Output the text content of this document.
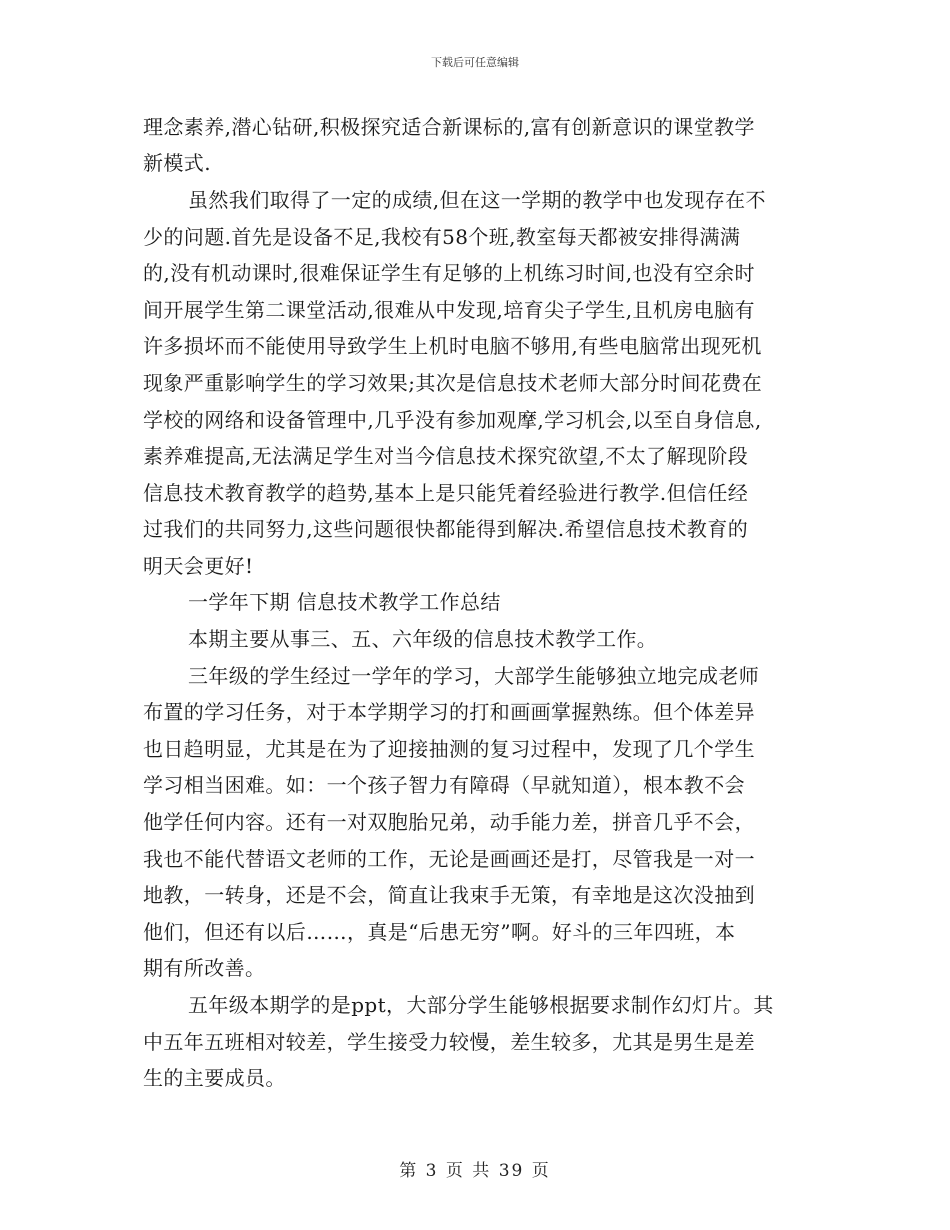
下载后可任意编辑
理念素养,潜心钻研,积极探究适合新课标的,富有创新意识的课堂教学
新模式.
虽然我们取得了一定的成绩,但在这一学期的教学中也发现存在不
少的问题.首先是设备不足,我校有58个班,教室每天都被安排得满满
的,没有机动课时,很难保证学生有足够的上机练习时间,也没有空余时
间开展学生第二课堂活动,很难从中发现,培育尖子学生,且机房电脑有
许多损坏而不能使用导致学生上机时电脑不够用,有些电脑常出现死机
现象严重影响学生的学习效果;其次是信息技术老师大部分时间花费在
学校的网络和设备管理中,几乎没有参加观摩,学习机会,以至自身信息,
素养难提高,无法满足学生对当今信息技术探究欲望,不太了解现阶段
信息技术教育教学的趋势,基本上是只能凭着经验进行教学.但信任经
过我们的共同努力,这些问题很快都能得到解决.希望信息技术教育的
明天会更好!
一学年下期 信息技术教学工作总结
本期主要从事三、五、六年级的信息技术教学工作。
三年级的学生经过一学年的学习，大部学生能够独立地完成老师
布置的学习任务，对于本学期学习的打和画画掌握熟练。但个体差异
也日趋明显，尤其是在为了迎接抽测的复习过程中，发现了几个学生
学习相当困难。如：一个孩子智力有障碍（早就知道），根本教不会
他学任何内容。还有一对双胞胎兄弟，动手能力差，拼音几乎不会，
我也不能代替语文老师的工作，无论是画画还是打，尽管我是一对一
地教，一转身，还是不会，简直让我束手无策，有幸地是这次没抽到
他们，但还有以后……，真是“后患无穷”啊。好斗的三年四班，本
期有所改善。
五年级本期学的是ppt，大部分学生能够根据要求制作幻灯片。其
中五年五班相对较差，学生接受力较慢，差生较多，尤其是男生是差
生的主要成员。
第 3 页 共 39 页
